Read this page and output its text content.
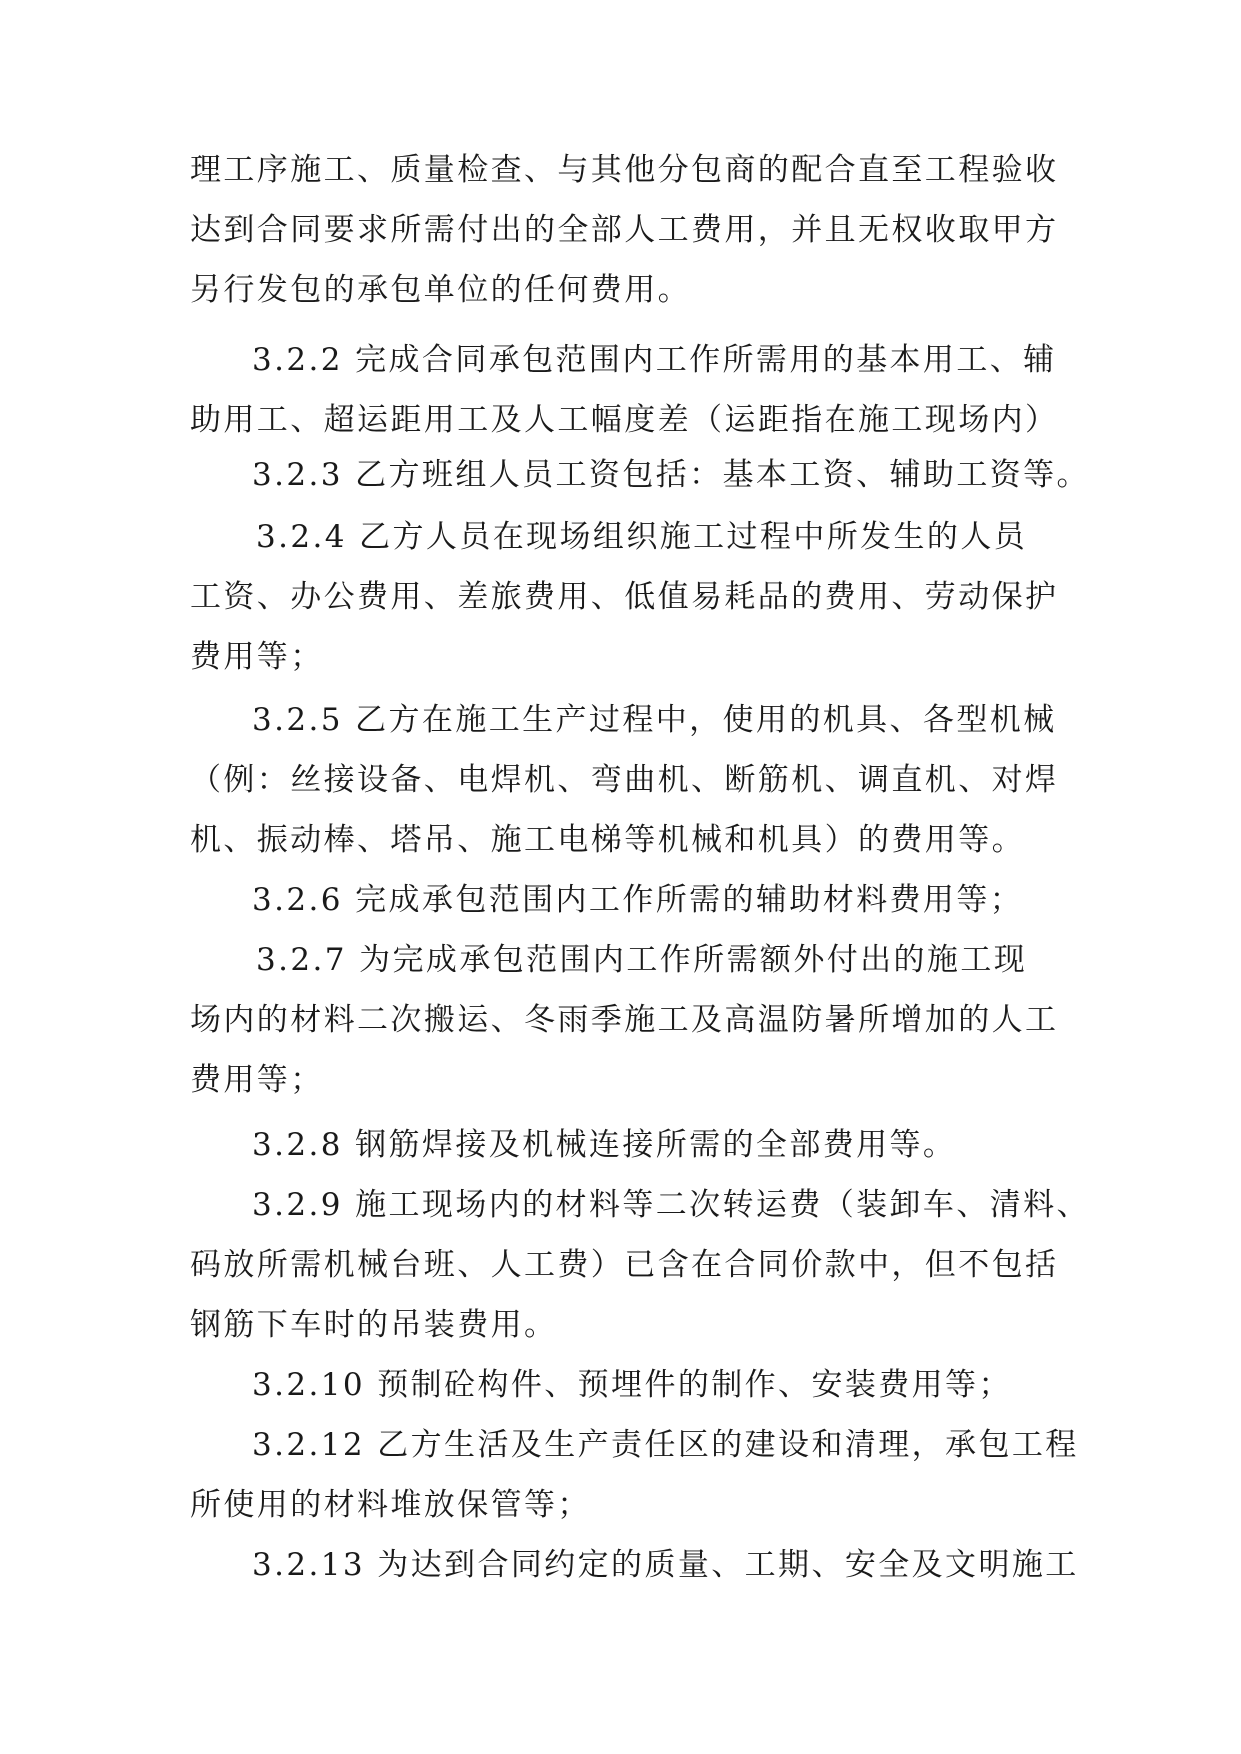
理工序施工、质量检查、与其他分包商的配合直至工程验收
达到合同要求所需付出的全部人工费用，并且无权收取甲方
另行发包的承包单位的任何费用。
3.2.2 完成合同承包范围内工作所需用的基本用工、辅
助用工、超运距用工及人工幅度差（运距指在施工现场内）
3.2.3 乙方班组人员工资包括：基本工资、辅助工资等。
3.2.4 乙方人员在现场组织施工过程中所发生的人员
工资、办公费用、差旅费用、低值易耗品的费用、劳动保护
费用等；
3.2.5 乙方在施工生产过程中，使用的机具、各型机械
（例：丝接设备、电焊机、弯曲机、断筋机、调直机、对焊
机、振动棒、塔吊、施工电梯等机械和机具）的费用等。
3.2.6 完成承包范围内工作所需的辅助材料费用等；
3.2.7 为完成承包范围内工作所需额外付出的施工现
场内的材料二次搬运、冬雨季施工及高温防暑所增加的人工
费用等；
3.2.8 钢筋焊接及机械连接所需的全部费用等。
3.2.9 施工现场内的材料等二次转运费（装卸车、清料、
码放所需机械台班、人工费）已含在合同价款中，但不包括
钢筋下车时的吊装费用。
3.2.10 预制砼构件、预埋件的制作、安装费用等；
3.2.12 乙方生活及生产责任区的建设和清理，承包工程
所使用的材料堆放保管等；
3.2.13 为达到合同约定的质量、工期、安全及文明施工
